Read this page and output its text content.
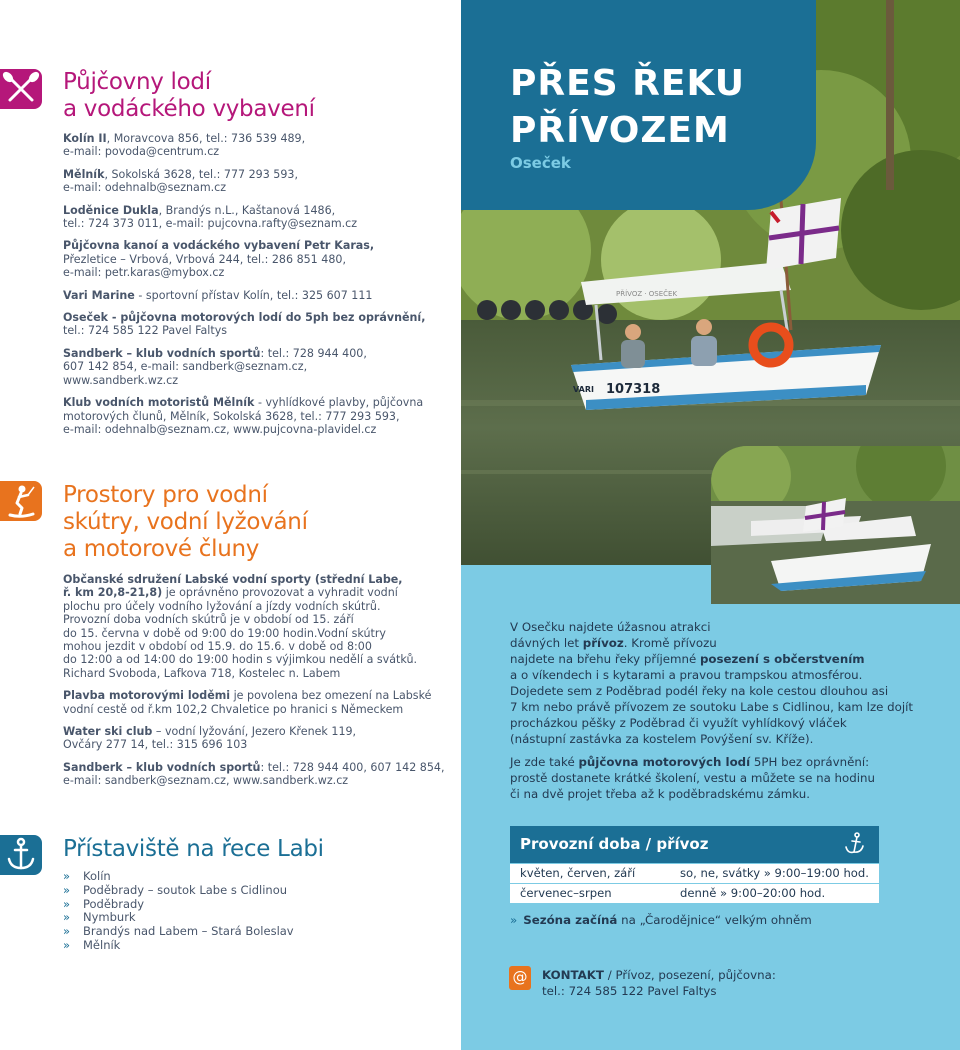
Půjčovny lodí
a vodáckého vybavení
Kolín II, Moravcova 856, tel.: 736 539 489,
e-mail: povoda@centrum.cz
Mělník, Sokolská 3628, tel.: 777 293 593,
e-mail: odehnalb@seznam.cz
Loděnice Dukla, Brandýs n.L., Kaštanová 1486,
tel.: 724 373 011, e-mail: pujcovna.rafty@seznam.cz
Půjčovna kanoí a vodáckého vybavení Petr Karas,
Přezletice – Vrbová, Vrbová 244, tel.: 286 851 480,
e-mail: petr.karas@mybox.cz
Vari Marine - sportovní přístav Kolín, tel.: 325 607 111
Oseček - půjčovna motorových lodí do 5ph bez oprávnění,
tel.: 724 585 122 Pavel Faltys
Sandberk – klub vodních sportů: tel.: 728 944 400,
607 142 854, e-mail: sandberk@seznam.cz,
www.sandberk.wz.cz
Klub vodních motoristů Mělník - vyhlídkové plavby, půjčovna
motorových člunů, Mělník, Sokolská 3628, tel.: 777 293 593,
e-mail: odehnalb@seznam.cz, www.pujcovna-plavidel.cz
Prostory pro vodní
skútry, vodní lyžování
a motorové čluny
Občanské sdružení Labské vodní sporty (střední Labe,
ř. km 20,8-21,8) je oprávněno provozovat a vyhradit vodní
plochu pro účely vodního lyžování a jízdy vodních skútrů.
Provozní doba vodních skútrů je v období od 15. září
do 15. června v době od 9:00 do 19:00 hodin.Vodní skútry
mohou jezdit v období od 15.9. do 15.6. v době od 8:00
do 12:00 a od 14:00 do 19:00 hodin s výjimkou nedělí a svátků.
Richard Svoboda, Lafkova 718, Kostelec n. Labem
Plavba motorovými loděmi je povolena bez omezení na Labské
vodní cestě od ř.km 102,2 Chvaletice po hranici s Německem
Water ski club – vodní lyžování, Jezero Křenek 119,
Ovčáry 277 14, tel.: 315 696 103
Sandberk – klub vodních sportů: tel.: 728 944 400, 607 142 854,
e-mail: sandberk@seznam.cz, www.sandberk.wz.cz
Přístaviště na řece Labi
» Kolín
» Poděbrady – soutok Labe s Cidlinou
» Poděbrady
» Nymburk
» Brandýs nad Labem – Stará Boleslav
» Mělník
107318
VARI
PŘÍVOZ · OSEČEK
PŘES ŘEKU
PŘÍVOZEM
Oseček

V Osečku najdete úžasnou atrakci
dávných let přívoz. Kromě přívozu
najdete na břehu řeky příjemné posezení s občerstvením
a o víkendech i s kytarami a pravou trampskou atmosférou.
Dojedete sem z Poděbrad podél řeky na kole cestou dlouhou asi
7 km nebo právě přívozem ze soutoku Labe s Cidlinou, kam lze dojít
procházkou pěšky z Poděbrad či využít vyhlídkový vláček
(nástupní zastávka za kostelem Povýšení sv. Kříže).

Je zde také půjčovna motorových lodí 5PH bez oprávnění:
prostě dostanete krátké školení, vestu a můžete se na hodinu
či na dvě projet třeba až k poděbradskému zámku.

Provozní doba / přívoz
květen, červen, září	so, ne, svátky » 9:00–19:00 hod.
červenec–srpen	denně » 9:00–20:00 hod.
» Sezóna začíná na „Čarodějnice“ velkým ohněm
@ KONTAKT / Přívoz, posezení, půjčovna:
tel.: 724 585 122 Pavel Faltys
